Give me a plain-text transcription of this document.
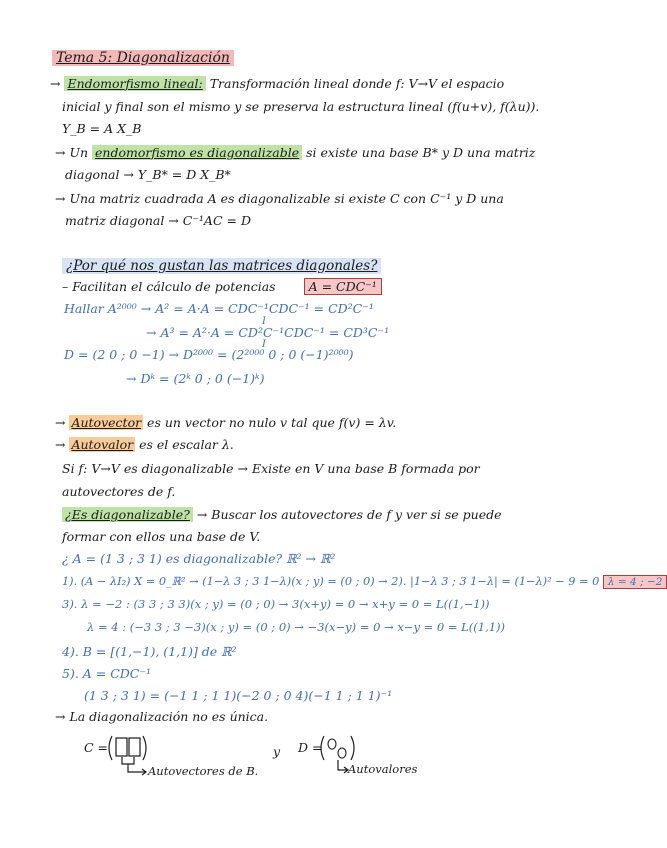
Tema 5: Diagonalización
→ Endomorfismo lineal: Transformación lineal donde f: V→V el espacio
inicial y final son el mismo y se preserva la estructura lineal (f(u+v), f(λu)).
Y_B = A X_B
→ Un endomorfismo es diagonalizable si existe una base B* y D una matriz
diagonal → Y_B* = D X_B*
→ Una matriz cuadrada A es diagonalizable si existe C con C⁻¹ y D una
matriz diagonal → C⁻¹AC = D
¿Por qué nos gustan las matrices diagonales?
– Facilitan el cálculo de potencias	A = CDC⁻¹
Hallar A²⁰⁰⁰ → A² = A·A = CDC⁻¹CDC⁻¹ = CD²C⁻¹
I
→ A³ = A²·A = CD²C⁻¹CDC⁻¹ = CD³C⁻¹
I
D = (2 0 ; 0 −1) → D²⁰⁰⁰ = (2²⁰⁰⁰ 0 ; 0 (−1)²⁰⁰⁰)
→ Dᵏ = (2ᵏ 0 ; 0 (−1)ᵏ)
→ Autovector es un vector no nulo v tal que f(v) = λv.
→ Autovalor es el escalar λ.
Si f: V→V es diagonalizable → Existe en V una base B formada por
autovectores de f.
¿Es diagonalizable? → Buscar los autovectores de f y ver si se puede
formar con ellos una base de V.
¿ A = (1 3 ; 3 1) es diagonalizable? ℝ² → ℝ²
1). (A − λI₂) X = 0_ℝ² → (1−λ 3 ; 3 1−λ)(x ; y) = (0 ; 0) → 2). |1−λ 3 ; 3 1−λ| = (1−λ)² − 9 = 0 λ = 4 ; −2
3). λ = −2 : (3 3 ; 3 3)(x ; y) = (0 ; 0) → 3(x+y) = 0 → x+y = 0 = L((1,−1))
λ = 4 : (−3 3 ; 3 −3)(x ; y) = (0 ; 0) → −3(x−y) = 0 → x−y = 0 = L((1,1))
4). B = [(1,−1), (1,1)] de ℝ²
5). A = CDC⁻¹
(1 3 ; 3 1) = (−1 1 ; 1 1)(−2 0 ; 0 4)(−1 1 ; 1 1)⁻¹
→ La diagonalización no es única.
C =
Autovectores de B.
y D =
Autovalores
